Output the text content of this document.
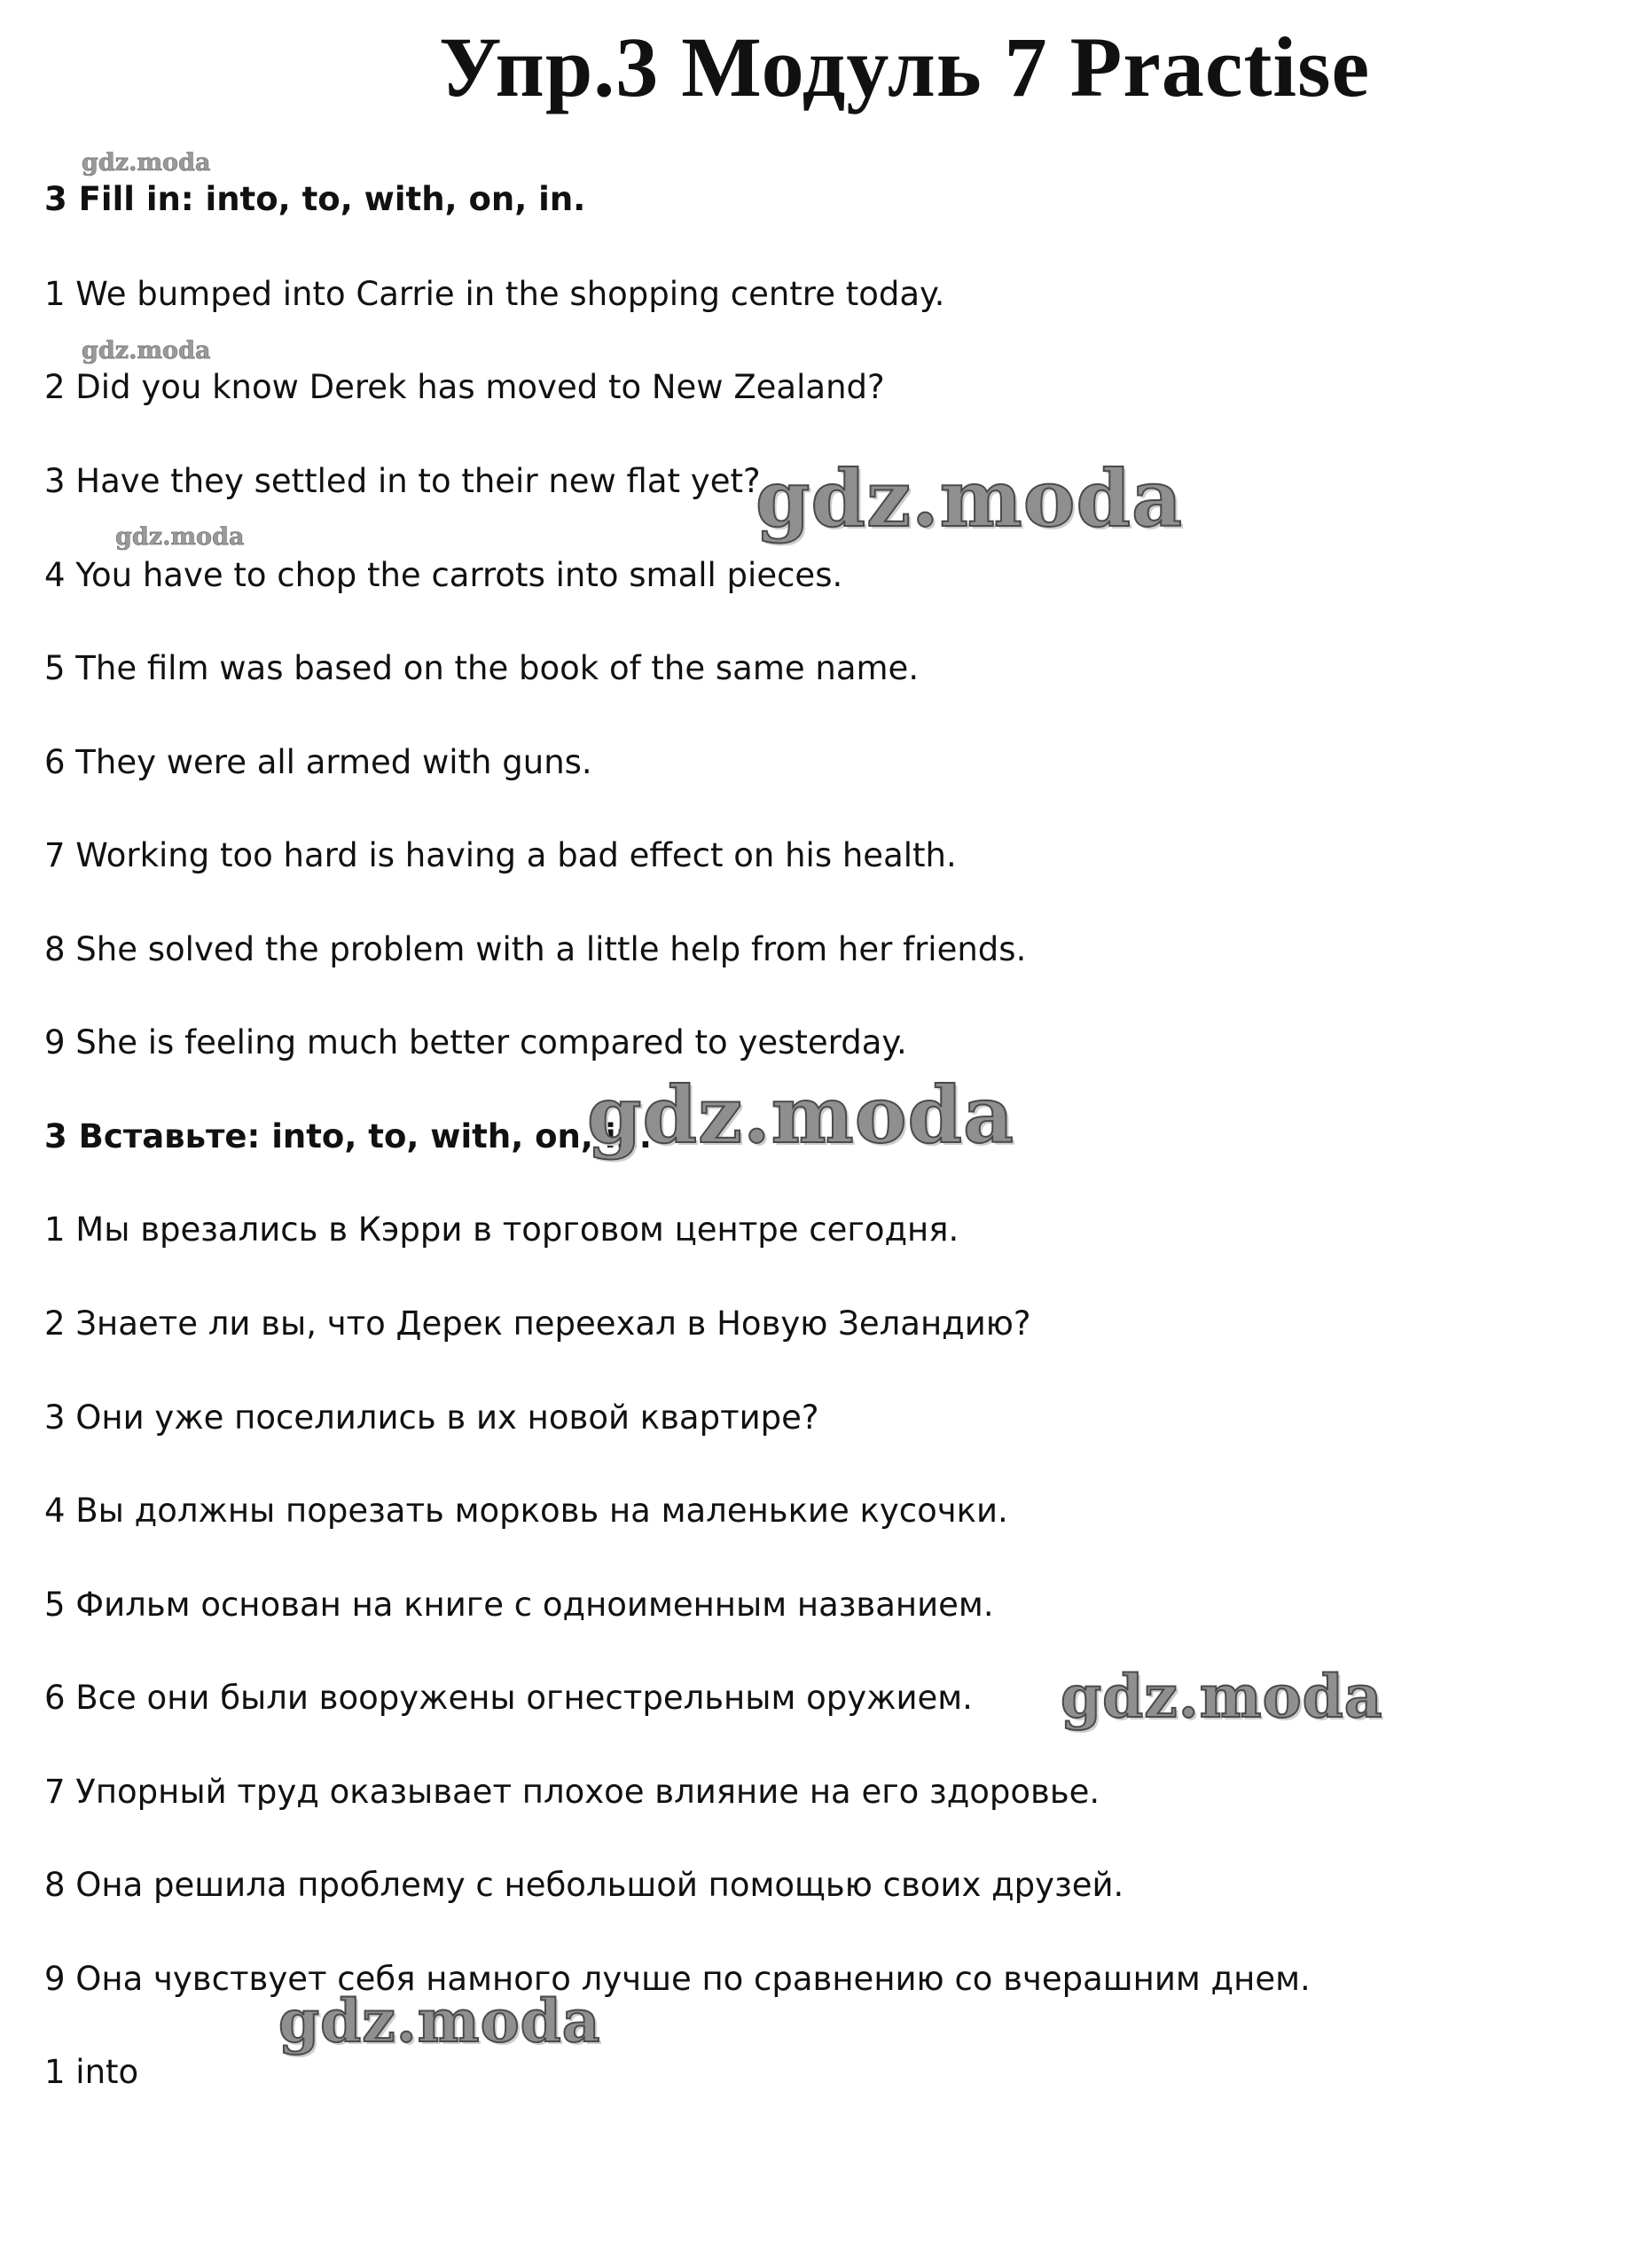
Упр.3 Модуль 7 Practise

3 Fill in: into, to, with, on, in.

1 We bumped into Carrie in the shopping centre today.

2 Did you know Derek has moved to New Zealand?

3 Have they settled in to their new flat yet?

4 You have to chop the carrots into small pieces.

5 The film was based on the book of the same name.

6 They were all armed with guns.

7 Working too hard is having a bad effect on his health.

8 She solved the problem with a little help from her friends.

9 She is feeling much better compared to yesterday.

3 Вставьте: into, to, with, on, in.

1 Мы врезались в Кэрри в торговом центре сегодня.

2 Знаете ли вы, что Дерек переехал в Новую Зеландию?

3 Они уже поселились в их новой квартире?

4 Вы должны порезать морковь на маленькие кусочки.

5 Фильм основан на книге с одноименным названием.

6 Все они были вооружены огнестрельным оружием.

7 Упорный труд оказывает плохое влияние на его здоровье.

8 Она решила проблему с небольшой помощью своих друзей.

9 Она чувствует себя намного лучше по сравнению со вчерашним днем.

1 into

gdz.moda
gdz.moda
gdz.moda	gdz.moda
gdz.moda
gdz.moda
gdz.moda
